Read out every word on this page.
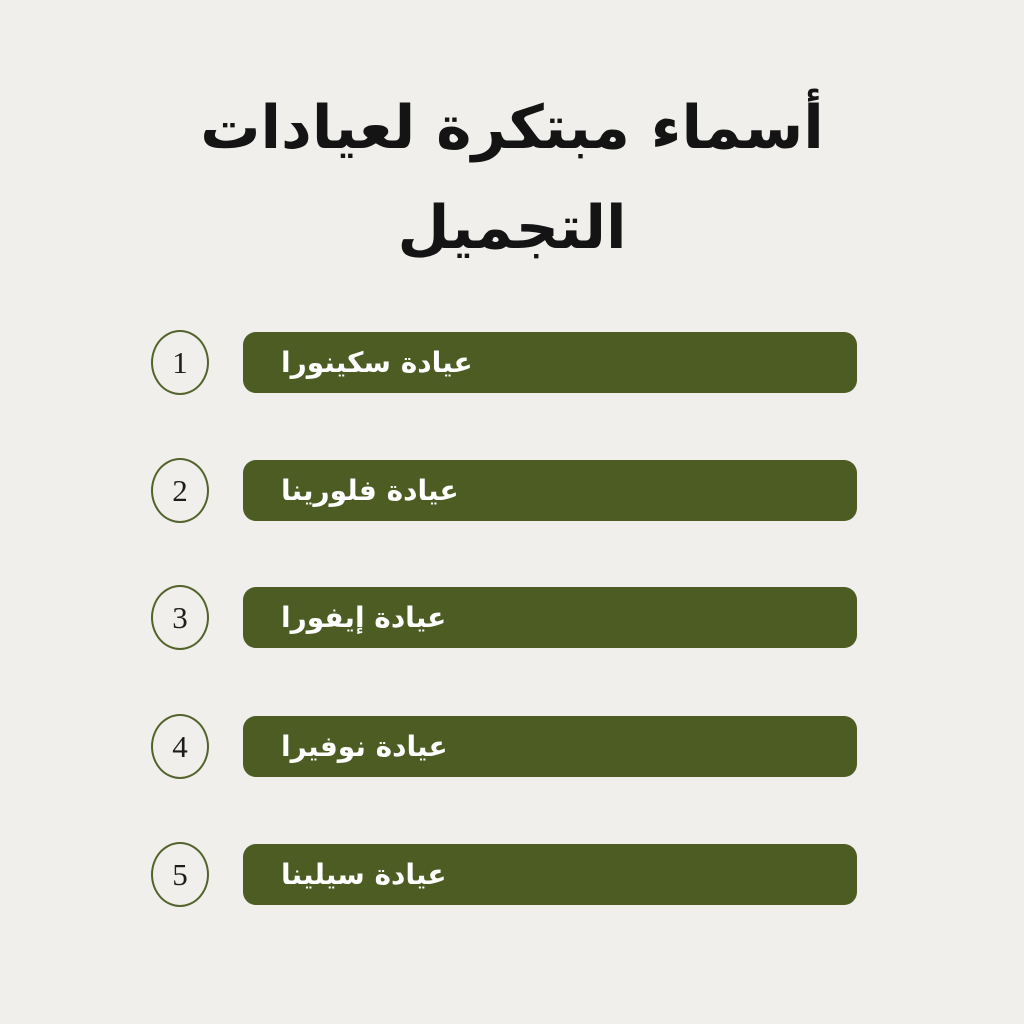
أسماء مبتكرة لعيادات
التجميل
1	عيادة سكينورا
2	عيادة فلورينا
3	عيادة إيفورا
4	عيادة نوفيرا
5	عيادة سيلينا
